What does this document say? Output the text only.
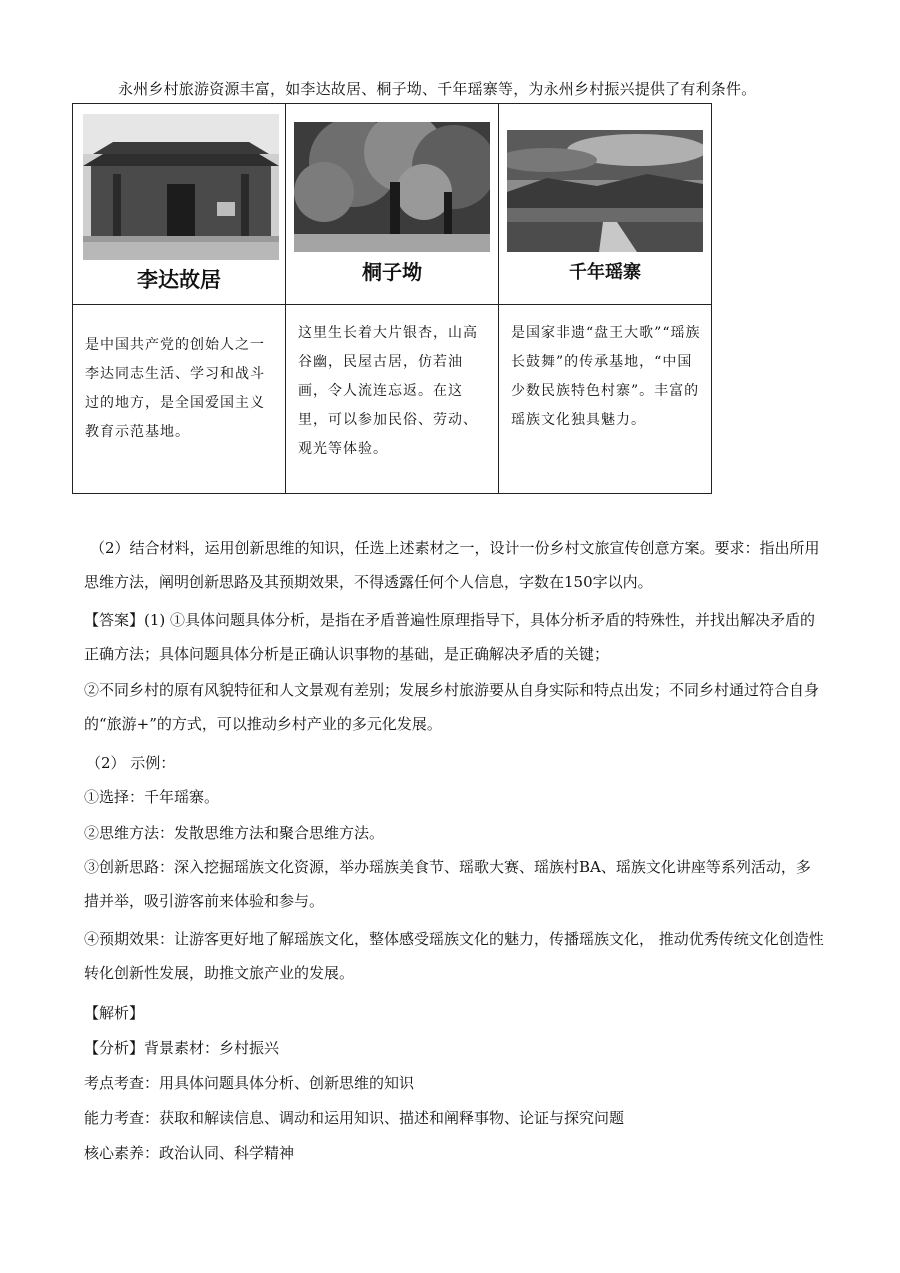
永州乡村旅游资源丰富，如李达故居、桐子坳、千年瑶寨等，为永州乡村振兴提供了有利条件。
李达故居	桐子坳	千年瑶寨

是中国共产党的创始人之一李达同志生活、学习和战斗过的地方，是全国爱国主义教育示范基地。	这里生长着大片银杏，山高谷幽，民屋古居，仿若油画，令人流连忘返。在这里，可以参加民俗、劳动、观光等体验。	是国家非遗“盘王大歌”“瑶族长鼓舞”的传承基地，“中国少数民族特色村寨”。丰富的瑶族文化独具魅力。
（2）结合材料，运用创新思维的知识，任选上述素材之一，设计一份乡村文旅宣传创意方案。要求：指出所用思维方法，阐明创新思路及其预期效果，不得透露任何个人信息，字数在150字以内。
【答案】(1) ①具体问题具体分析，是指在矛盾普遍性原理指导下，具体分析矛盾的特殊性，并找出解决矛盾的正确方法；具体问题具体分析是正确认识事物的基础，是正确解决矛盾的关键；
②不同乡村的原有风貌特征和人文景观有差别；发展乡村旅游要从自身实际和特点出发；不同乡村通过符合自身的“旅游+”的方式，可以推动乡村产业的多元化发展。
（2） 示例：
①选择：千年瑶寨。
②思维方法：发散思维方法和聚合思维方法。
③创新思路：深入挖掘瑶族文化资源，举办瑶族美食节、瑶歌大赛、瑶族村BA、瑶族文化讲座等系列活动，多措并举，吸引游客前来体验和参与。
④预期效果：让游客更好地了解瑶族文化，整体感受瑶族文化的魅力，传播瑶族文化， 推动优秀传统文化创造性转化创新性发展，助推文旅产业的发展。
【解析】
【分析】背景素材：乡村振兴
考点考查：用具体问题具体分析、创新思维的知识
能力考查：获取和解读信息、调动和运用知识、描述和阐释事物、论证与探究问题
核心素养：政治认同、科学精神
